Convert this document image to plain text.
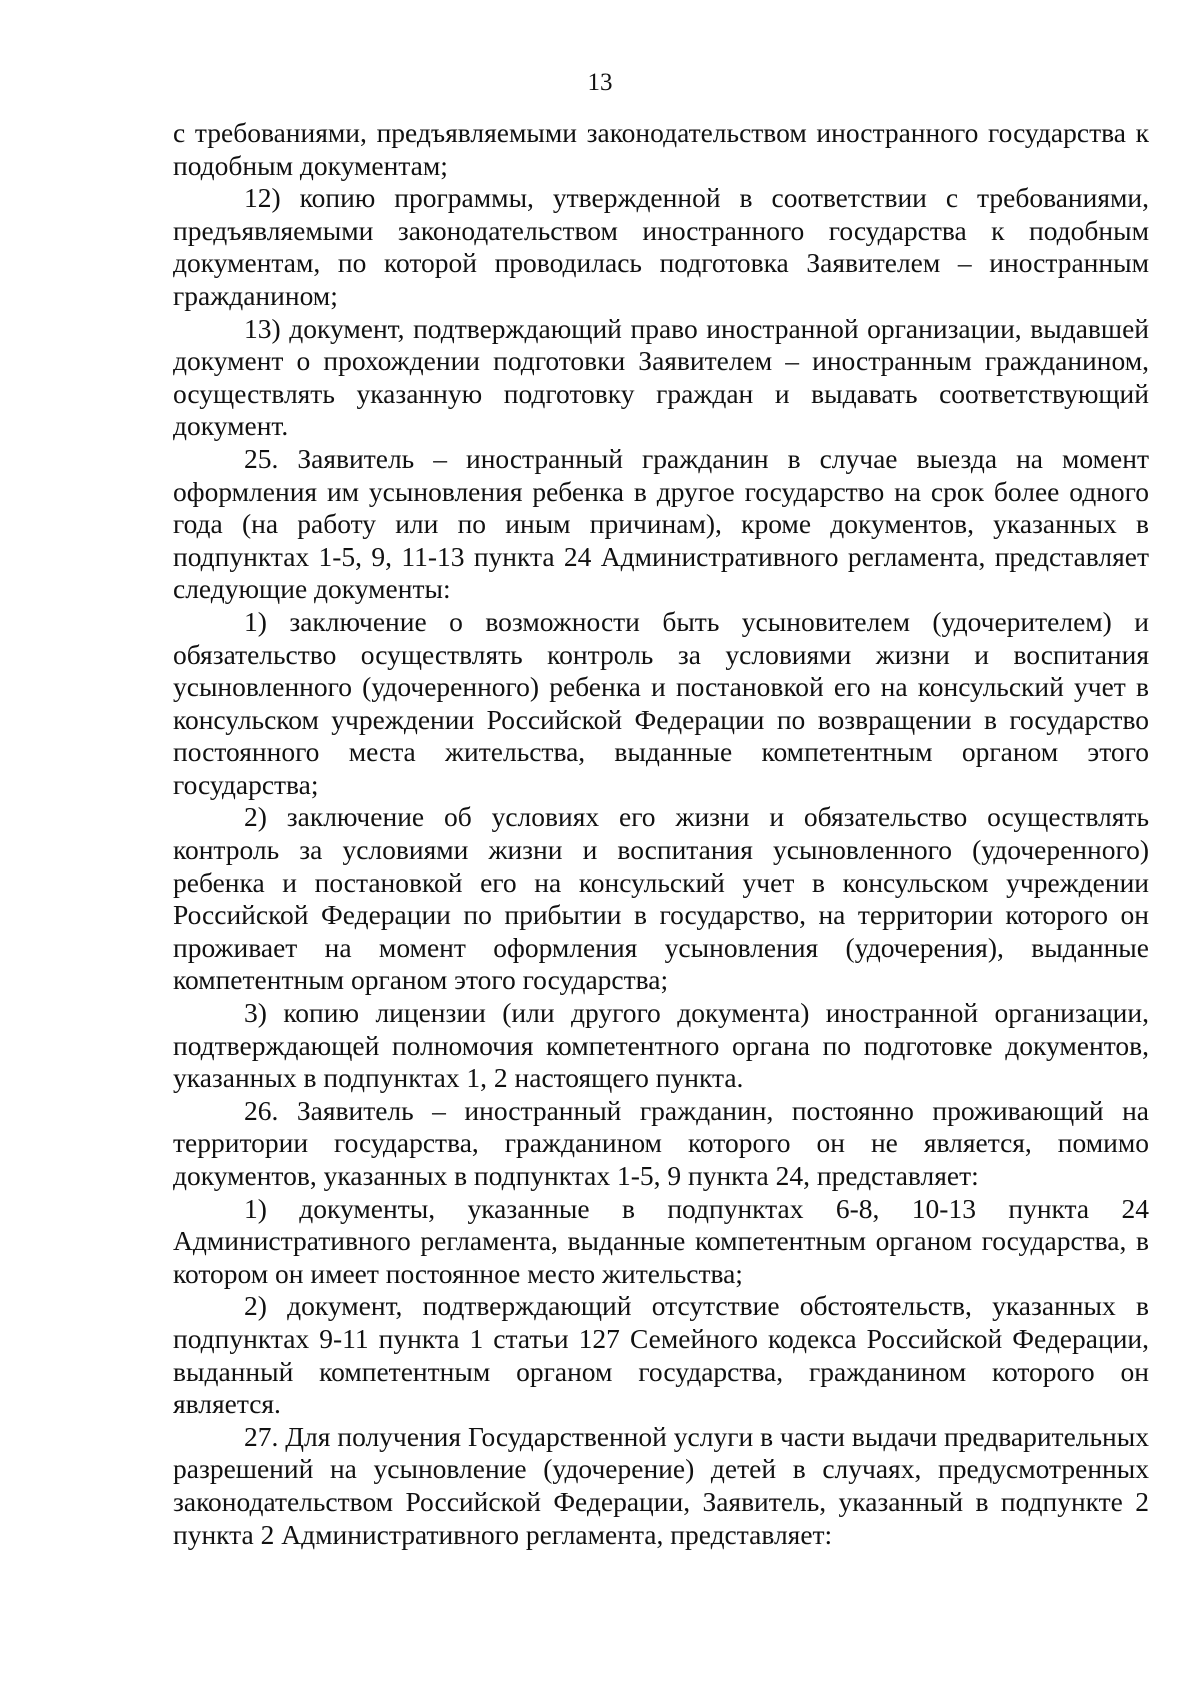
13

с требованиями, предъявляемыми законодательством иностранного государства к подобным документам;

12) копию программы, утвержденной в соответствии с требованиями, предъявляемыми законодательством иностранного государства к подобным документам, по которой проводилась подготовка Заявителем – иностранным гражданином;

13) документ, подтверждающий право иностранной организации, выдавшей документ о прохождении подготовки Заявителем – иностранным гражданином, осуществлять указанную подготовку граждан и выдавать соответствующий документ.

25. Заявитель – иностранный гражданин в случае выезда на момент оформления им усыновления ребенка в другое государство на срок более одного года (на работу или по иным причинам), кроме документов, указанных в подпунктах 1-5, 9, 11-13 пункта 24 Административного регламента, представляет следующие документы:

1) заключение о возможности быть усыновителем (удочерителем) и обязательство осуществлять контроль за условиями жизни и воспитания усыновленного (удочеренного) ребенка и постановкой его на консульский учет в консульском учреждении Российской Федерации по возвращении в государство постоянного места жительства, выданные компетентным органом этого государства;

2) заключение об условиях его жизни и обязательство осуществлять контроль за условиями жизни и воспитания усыновленного (удочеренного) ребенка и постановкой его на консульский учет в консульском учреждении Российской Федерации по прибытии в государство, на территории которого он проживает на момент оформления усыновления (удочерения), выданные компетентным органом этого государства;

3) копию лицензии (или другого документа) иностранной организации, подтверждающей полномочия компетентного органа по подготовке документов, указанных в подпунктах 1, 2 настоящего пункта.

26. Заявитель – иностранный гражданин, постоянно проживающий на территории государства, гражданином которого он не является, помимо документов, указанных в подпунктах 1-5, 9 пункта 24, представляет:

1) документы, указанные в подпунктах 6-8, 10-13 пункта 24 Административного регламента, выданные компетентным органом государства, в котором он имеет постоянное место жительства;

2) документ, подтверждающий отсутствие обстоятельств, указанных в подпунктах 9-11 пункта 1 статьи 127 Семейного кодекса Российской Федерации, выданный компетентным органом государства, гражданином которого он является.

27. Для получения Государственной услуги в части выдачи предварительных разрешений на усыновление (удочерение) детей в случаях, предусмотренных законодательством Российской Федерации, Заявитель, указанный в подпункте 2 пункта 2 Административного регламента, представляет:
